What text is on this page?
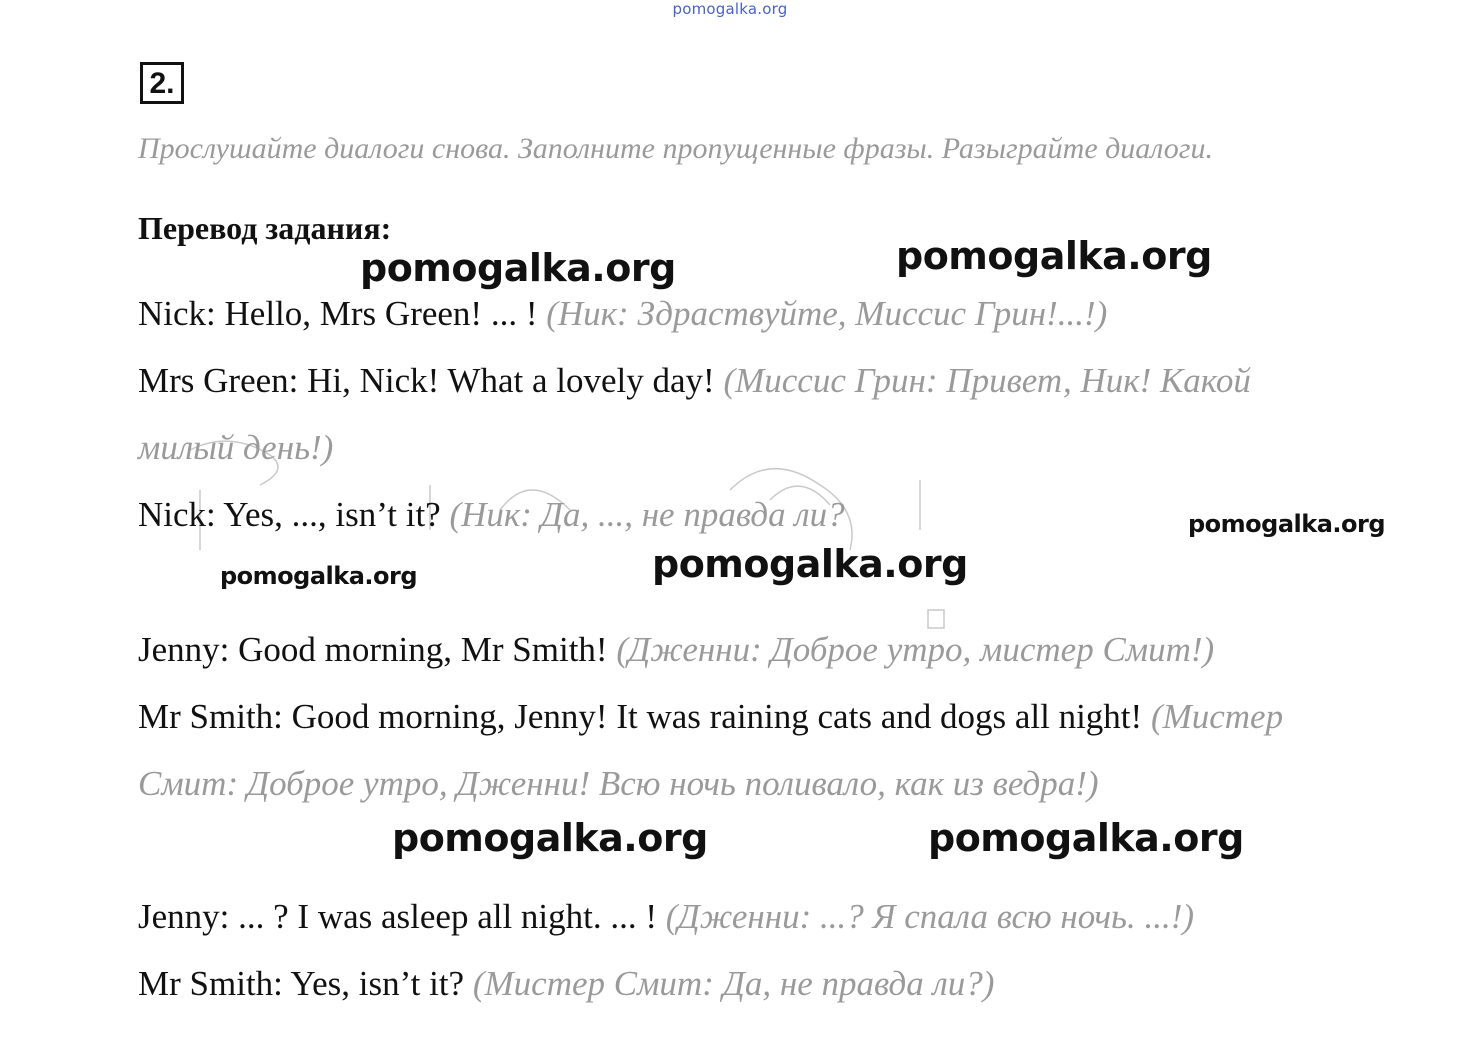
pomogalka.org
2.
Прослушайте диалоги снова. Заполните пропущенные фразы. Разыграйте диалоги.
Перевод задания:
Nick: Hello, Mrs Green! ... ! (Ник: Здраствуйте, Миссис Грин!...!)
Mrs Green: Hi, Nick! What a lovely day! (Миссис Грин: Привет, Ник! Какой
милый день!)
Nick: Yes, ..., isn’t it? (Ник: Да, ..., не правда ли?
Jenny: Good morning, Mr Smith! (Дженни: Доброе утро, мистер Смит!)
Mr Smith: Good morning, Jenny! It was raining cats and dogs all night! (Мистер
Смит: Доброе утро, Дженни! Всю ночь поливало, как из ведра!)
Jenny: ... ? I was asleep all night. ... ! (Дженни: ...? Я спала всю ночь. ...!)
Mr Smith: Yes, isn’t it? (Мистер Смит: Да, не правда ли?)
pomogalka.org	pomogalka.org
pomogalka.org
pomogalka.org	pomogalka.org
pomogalka.org	pomogalka.org
